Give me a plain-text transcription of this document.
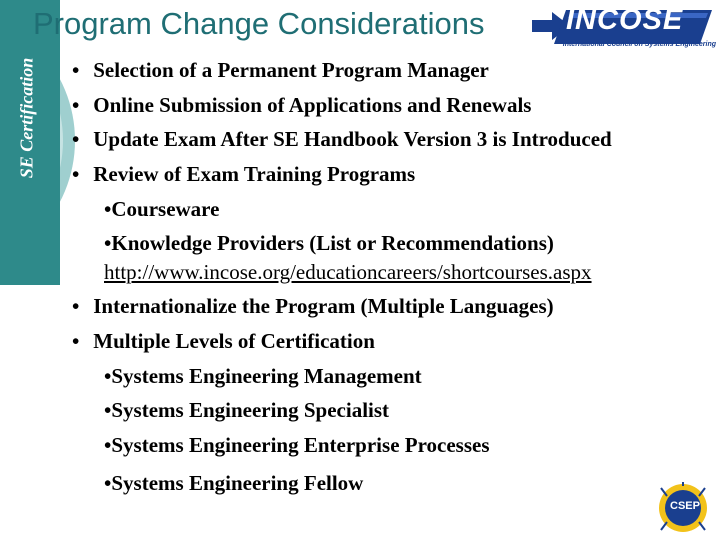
SE Certification
Program Change Considerations	INCOSE
International Council on Systems Engineering
• Selection of a Permanent Program Manager
• Online Submission of Applications and Renewals
• Update Exam After SE Handbook Version 3 is Introduced
• Review of Exam Training Programs
•Courseware
•Knowledge Providers (List or Recommendations)
http://www.incose.org/educationcareers/shortcourses.aspx
• Internationalize the Program (Multiple Languages)
• Multiple Levels of Certification
•Systems Engineering Management
•Systems Engineering Specialist
•Systems Engineering Enterprise Processes
•Systems Engineering Fellow
CSEP
